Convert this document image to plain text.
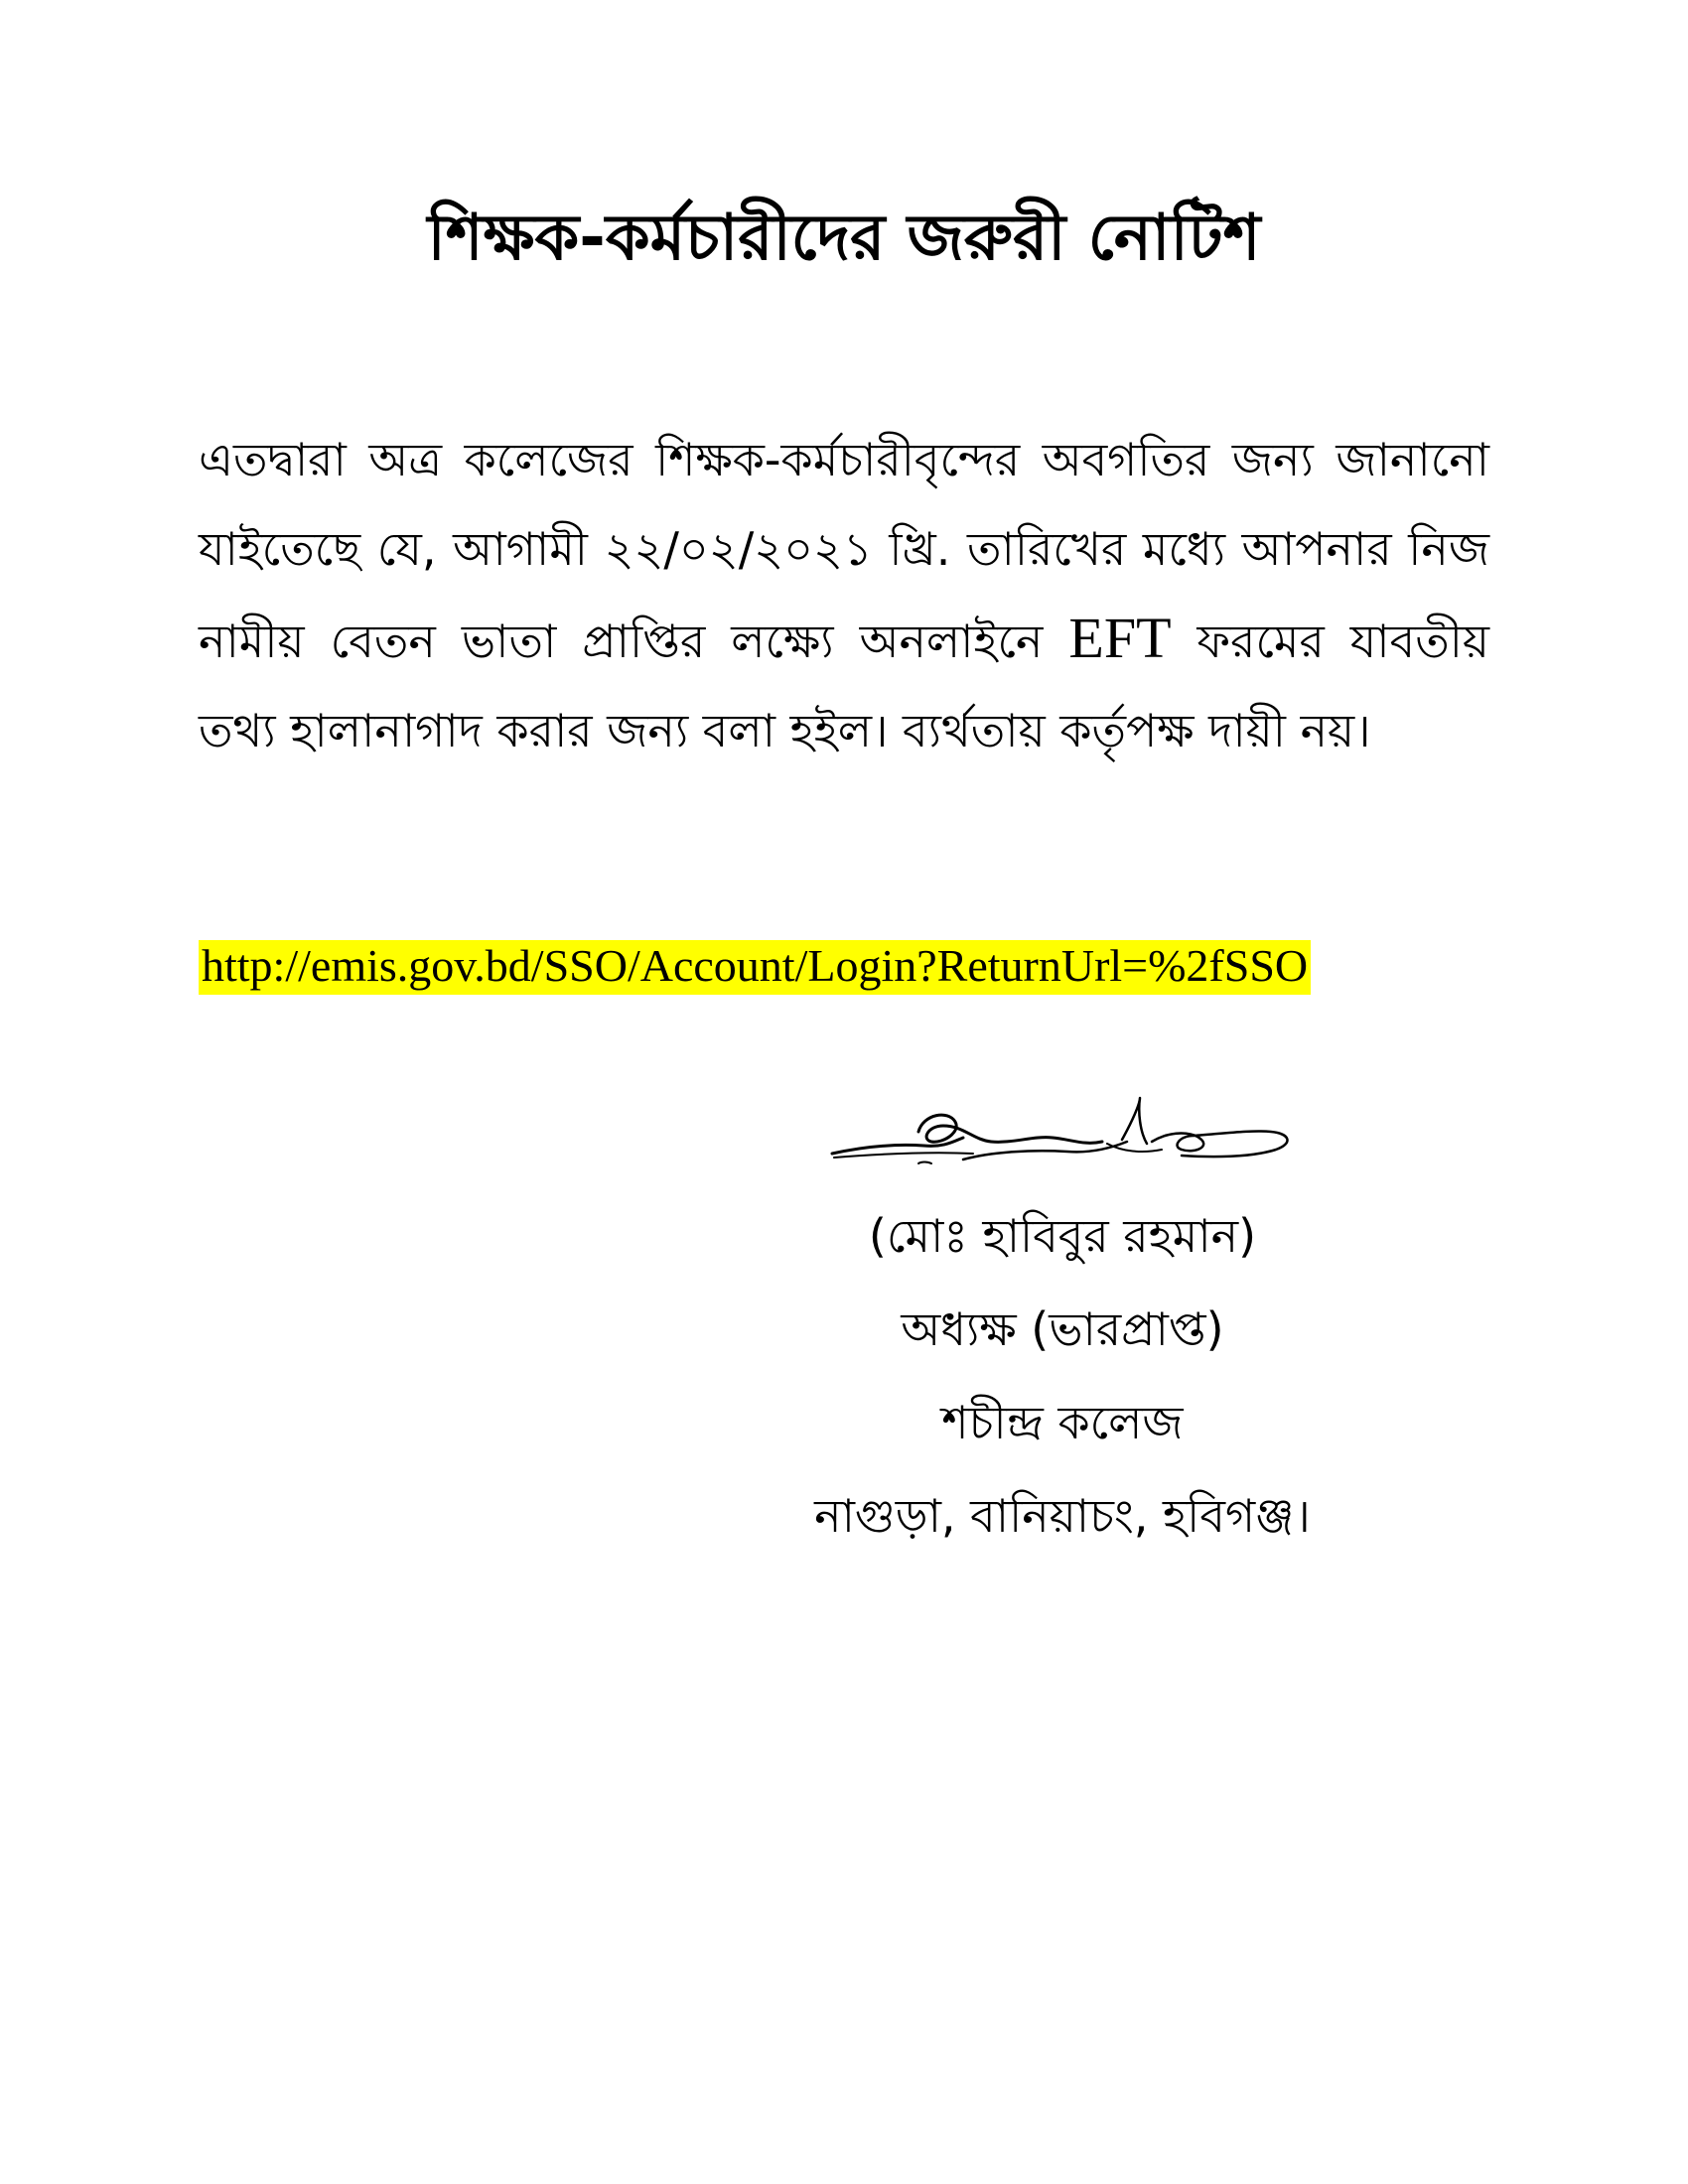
শিক্ষক-কর্মচারীদের জরুরী নোটিশ

এতদ্বারা অত্র কলেজের শিক্ষক-কর্মচারীবৃন্দের অবগতির জন্য জানানো যাইতেছে যে, আগামী ২২/০২/২০২১ খ্রি. তারিখের মধ্যে আপনার নিজ নামীয় বেতন ভাতা প্রাপ্তির লক্ষ্যে অনলাইনে EFT ফরমের যাবতীয় তথ্য হালানাগাদ করার জন্য বলা হইল। ব্যর্থতায় কর্তৃপক্ষ দায়ী নয়।

http://emis.gov.bd/SSO/Account/Login?ReturnUrl=%2fSSO

(মোঃ হাবিবুর রহমান)
অধ্যক্ষ (ভারপ্রাপ্ত)
শচীন্দ্র কলেজ
নাগুড়া, বানিয়াচং, হবিগঞ্জ।
